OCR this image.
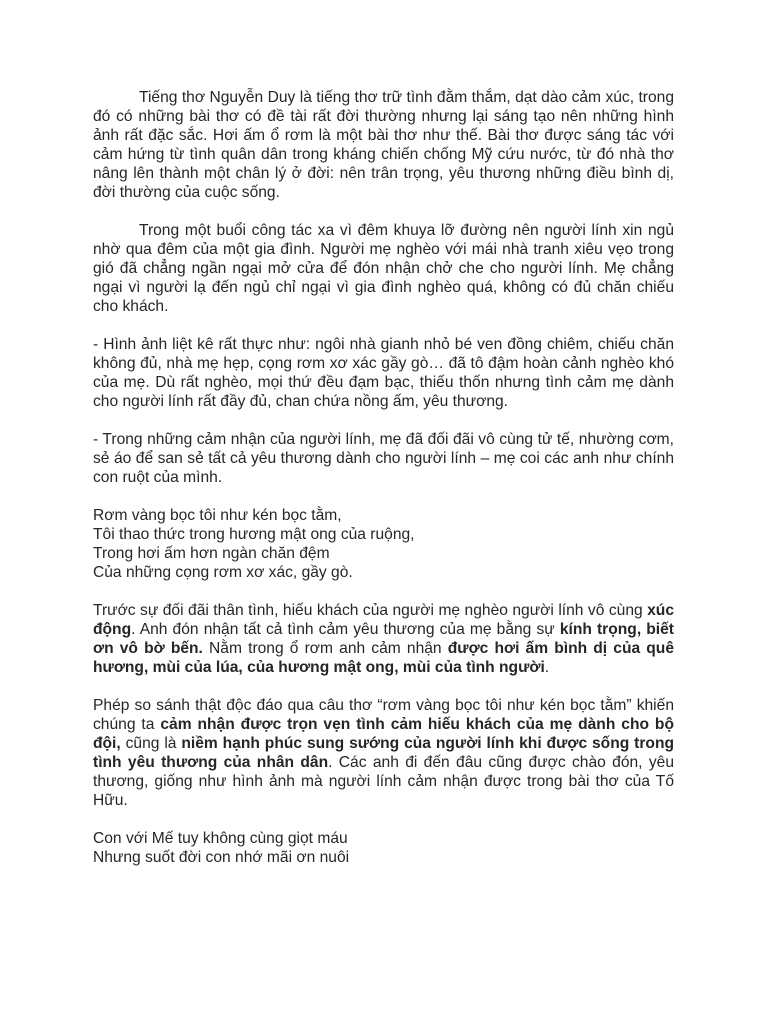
Tiếng thơ Nguyễn Duy là tiếng thơ trữ tình đằm thắm, dạt dào cảm xúc, trong đó có những bài thơ có đề tài rất đời thường nhưng lại sáng tạo nên những hình ảnh rất đặc sắc. Hơi ấm ổ rơm là một bài thơ như thế. Bài thơ được sáng tác với cảm hứng từ tình quân dân trong kháng chiến chống Mỹ cứu nước, từ đó nhà thơ nâng lên thành một chân lý ở đời: nên trân trọng, yêu thương những điều bình dị, đời thường của cuộc sống.

Trong một buổi công tác xa vì đêm khuya lỡ đường nên người lính xin ngủ nhờ qua đêm của một gia đình. Người mẹ nghèo với mái nhà tranh xiêu vẹo trong gió đã chẳng ngần ngại mở cửa để đón nhận chở che cho người lính. Mẹ chẳng ngại vì người lạ đến ngủ chỉ ngại vì gia đình nghèo quá, không có đủ chăn chiếu cho khách.

- Hình ảnh liệt kê rất thực như: ngôi nhà gianh nhỏ bé ven đồng chiêm, chiếu chăn không đủ, nhà mẹ hẹp, cọng rơm xơ xác gầy gò… đã tô đậm hoàn cảnh nghèo khó của mẹ. Dù rất nghèo, mọi thứ đều đạm bạc, thiếu thốn nhưng tình cảm mẹ dành cho người lính rất đầy đủ, chan chứa nồng ấm, yêu thương.

- Trong những cảm nhận của người lính, mẹ đã đối đãi vô cùng tử tế, nhường cơm, sẻ áo để san sẻ tất cả yêu thương dành cho người lính – mẹ coi các anh như chính con ruột của mình.

Rơm vàng bọc tôi như kén bọc tằm,
Tôi thao thức trong hương mật ong của ruộng,
Trong hơi ấm hơn ngàn chăn đệm
Của những cọng rơm xơ xác, gầy gò.

Trước sự đối đãi thân tình, hiếu khách của người mẹ nghèo người lính vô cùng xúc động. Anh đón nhận tất cả tình cảm yêu thương của mẹ bằng sự kính trọng, biết ơn vô bờ bến. Nằm trong ổ rơm anh cảm nhận được hơi ấm bình dị của quê hương, mùi của lúa, của hương mật ong, mùi của tình người.

Phép so sánh thật độc đáo qua câu thơ “rơm vàng bọc tôi như kén bọc tằm” khiến chúng ta cảm nhận được trọn vẹn tình cảm hiếu khách của mẹ dành cho bộ đội, cũng là niềm hạnh phúc sung sướng của người lính khi được sống trong tình yêu thương của nhân dân. Các anh đi đến đâu cũng được chào đón, yêu thương, giống như hình ảnh mà người lính cảm nhận được trong bài thơ của Tố Hữu.

Con với Mế tuy không cùng giọt máu
Nhưng suốt đời con nhớ mãi ơn nuôi
